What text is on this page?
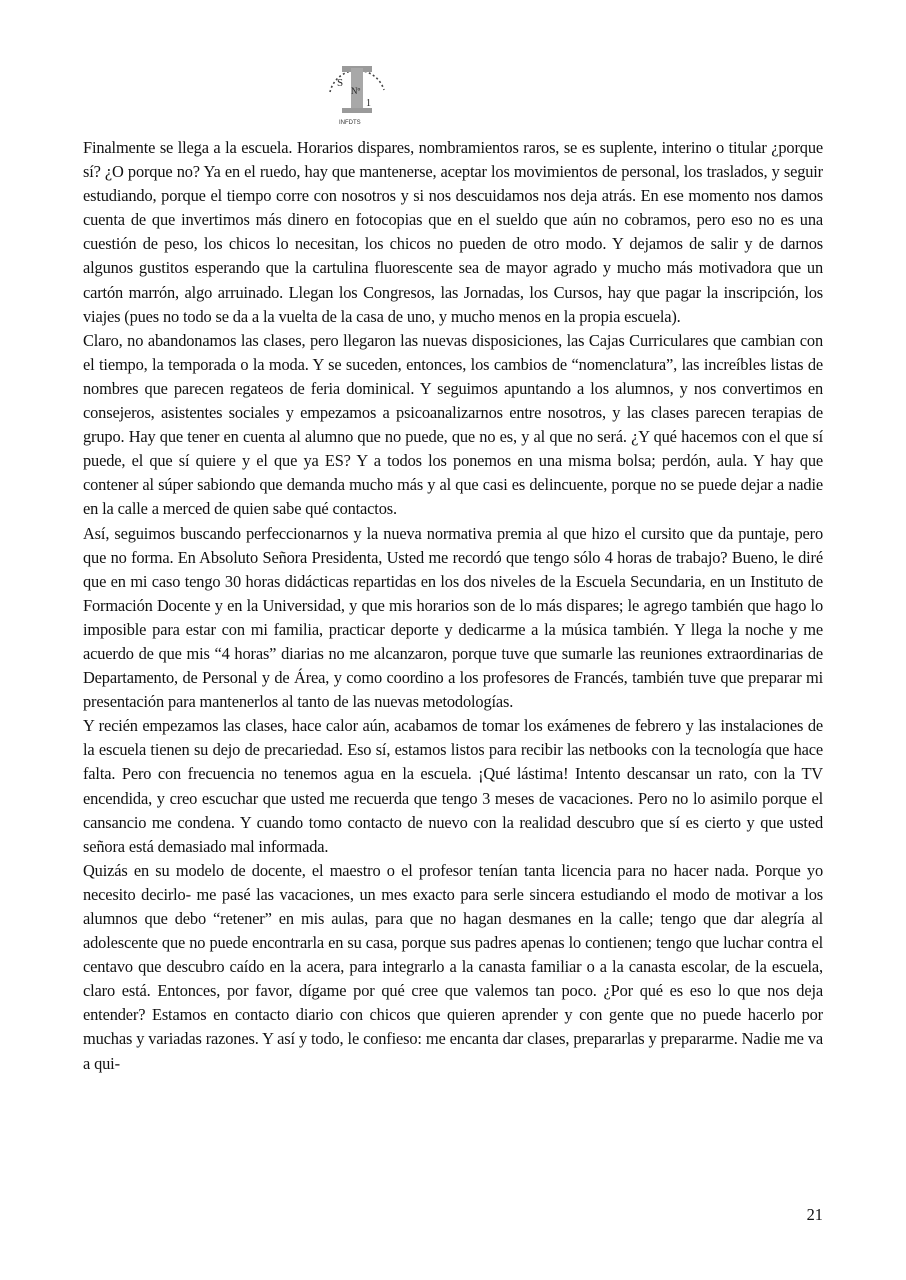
S
Nº
1
INFDTS

Finalmente se llega a la escuela. Horarios dispares, nombramientos raros, se es suplente, interino o titular ¿porque sí? ¿O porque no? Ya en el ruedo, hay que mantenerse, aceptar los movimientos de personal, los traslados, y seguir estudiando, porque el tiempo corre con nosotros y si nos descuidamos nos deja atrás. En ese momento nos damos cuenta de que invertimos más dinero en fotocopias que en el sueldo que aún no cobramos, pero eso no es una cuestión de peso, los chicos lo necesitan, los chicos no pueden de otro modo. Y dejamos de salir y de darnos algunos gustitos esperando que la cartulina fluorescente sea de mayor agrado y mucho más motivadora que un cartón marrón, algo arruinado. Llegan los Congresos, las Jornadas, los Cursos, hay que pagar la inscripción, los viajes (pues no todo se da a la vuelta de la casa de uno, y mucho menos en la propia escuela).

Claro, no abandonamos las clases, pero llegaron las nuevas disposiciones, las Cajas Curriculares que cambian con el tiempo, la temporada o la moda. Y se suceden, entonces, los cambios de “nomenclatura”, las increíbles listas de nombres que parecen regateos de feria dominical. Y seguimos apuntando a los alumnos, y nos convertimos en consejeros, asistentes sociales y empezamos a psicoanalizarnos entre nosotros, y las clases parecen terapias de grupo. Hay que tener en cuenta al alumno que no puede, que no es, y al que no será. ¿Y qué hacemos con el que sí puede, el que sí quiere y el que ya ES? Y a todos los ponemos en una misma bolsa; perdón, aula. Y hay que contener al súper sabiondo que demanda mucho más y al que casi es delincuente, porque no se puede dejar a nadie en la calle a merced de quien sabe qué contactos.

Así, seguimos buscando perfeccionarnos y la nueva normativa premia al que hizo el cursito que da puntaje, pero que no forma. En Absoluto Señora Presidenta, Usted me recordó que tengo sólo 4 horas de trabajo? Bueno, le diré que en mi caso tengo 30 horas didácticas repartidas en los dos niveles de la Escuela Secundaria, en un Instituto de Formación Docente y en la Universidad, y que mis horarios son de lo más dispares; le agrego también que hago lo imposible para estar con mi familia, practicar deporte y dedicarme a la música también. Y llega la noche y me acuerdo de que mis “4 horas” diarias no me alcanzaron, porque tuve que sumarle las reuniones extraordinarias de Departamento, de Personal y de Área, y como coordino a los profesores de Francés, también tuve que preparar mi presentación para mantenerlos al tanto de las nuevas metodologías.

Y recién empezamos las clases, hace calor aún, acabamos de tomar los exámenes de febrero y las instalaciones de la escuela tienen su dejo de precariedad. Eso sí, estamos listos para recibir las netbooks con la tecnología que hace falta. Pero con frecuencia no tenemos agua en la escuela. ¡Qué lástima! Intento descansar un rato, con la TV encendida, y creo escuchar que usted me recuerda que tengo 3 meses de vacaciones. Pero no lo asimilo porque el cansancio me condena. Y cuando tomo contacto de nuevo con la realidad descubro que sí es cierto y que usted señora está demasiado mal informada.

Quizás en su modelo de docente, el maestro o el profesor tenían tanta licencia para no hacer nada. Porque yo necesito decirlo- me pasé las vacaciones, un mes exacto para serle sincera estudiando el modo de motivar a los alumnos que debo “retener” en mis aulas, para que no hagan desmanes en la calle; tengo que dar alegría al adolescente que no puede encontrarla en su casa, porque sus padres apenas lo contienen; tengo que luchar contra el centavo que descubro caído en la acera, para integrarlo a la canasta familiar o a la canasta escolar, de la escuela, claro está. Entonces, por favor, dígame por qué cree que valemos tan poco. ¿Por qué es eso lo que nos deja entender? Estamos en contacto diario con chicos que quieren aprender y con gente que no puede hacerlo por muchas y variadas razones. Y así y todo, le confieso: me encanta dar clases, prepararlas y prepararme. Nadie me va a qui-

21
